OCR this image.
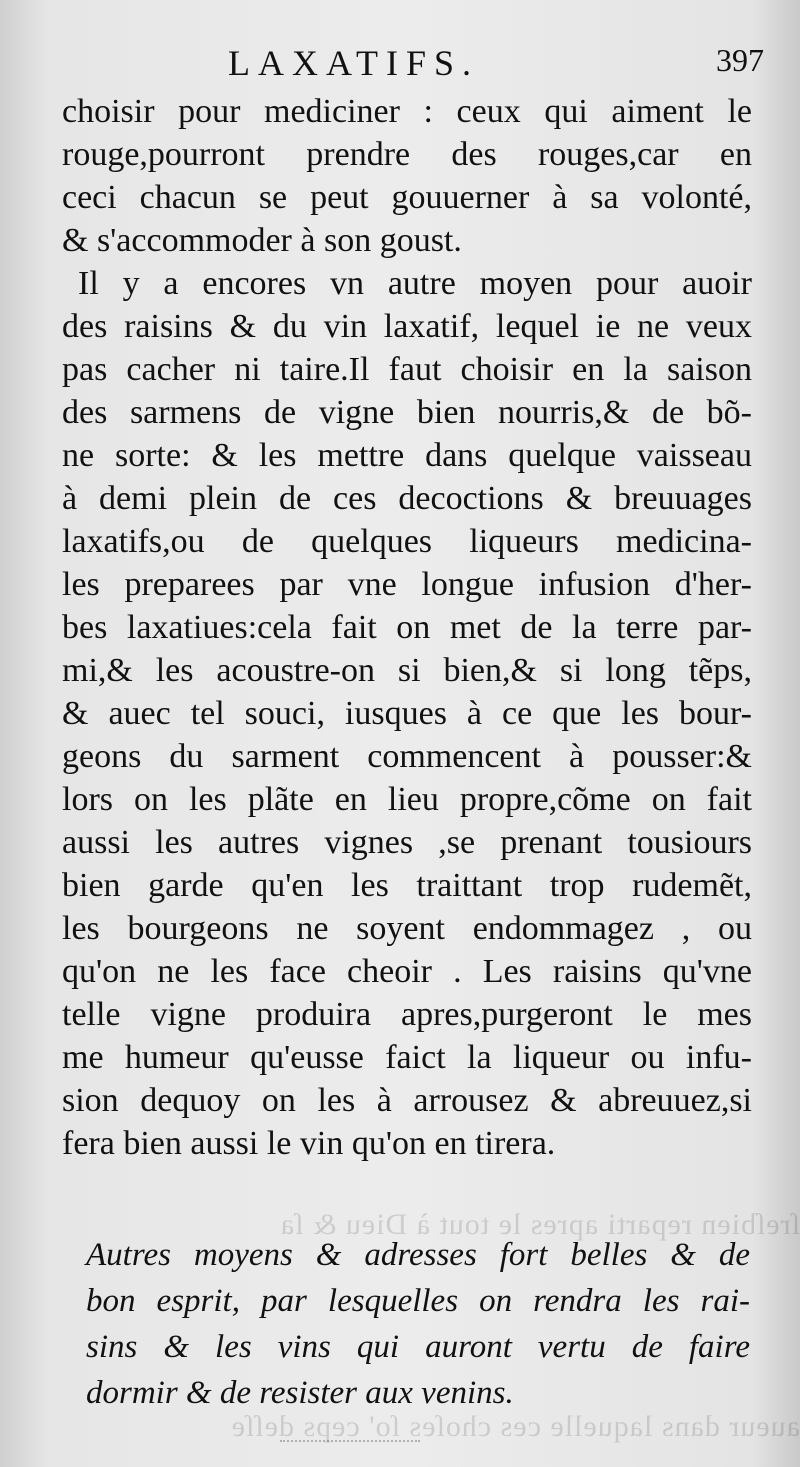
ſreſbien reparti apres le tout à Dieu & ſa
aueur dans laquelle ces choſes ſo' ceps deſſe
LAXATIFS.	397
choisir pour mediciner : ceux qui aiment le
rouge,pourront prendre des rouges,car en
ceci chacun se peut gouuerner à sa volonté,
& s'accommoder à son goust.
Il y a encores vn autre moyen pour auoir
des raisins & du vin laxatif, lequel ie ne veux
pas cacher ni taire.Il faut choisir en la saison
des sarmens de vigne bien nourris,& de bõ-
ne sorte: & les mettre dans quelque vaisseau
à demi plein de ces decoctions & breuuages
laxatifs,ou de quelques liqueurs medicina-
les preparees par vne longue infusion d'her-
bes laxatiues:cela fait on met de la terre par-
mi,& les acoustre-on si bien,& si long tẽps,
& auec tel souci, iusques à ce que les bour-
geons du sarment commencent à pousser:&
lors on les plãte en lieu propre,cõme on fait
aussi les autres vignes ,se prenant tousiours
bien garde qu'en les traittant trop rudemẽt,
les bourgeons ne soyent endommagez , ou
qu'on ne les face cheoir . Les raisins qu'vne
telle vigne produira apres,purgeront le mes
me humeur qu'eusse faict la liqueur ou infu-
sion dequoy on les à arrousez & abreuuez,si
fera bien aussi le vin qu'on en tirera.
Autres moyens & adresses fort belles & de
bon esprit, par lesquelles on rendra les rai-
sins & les vins qui auront vertu de faire
dormir & de resister aux venins.
